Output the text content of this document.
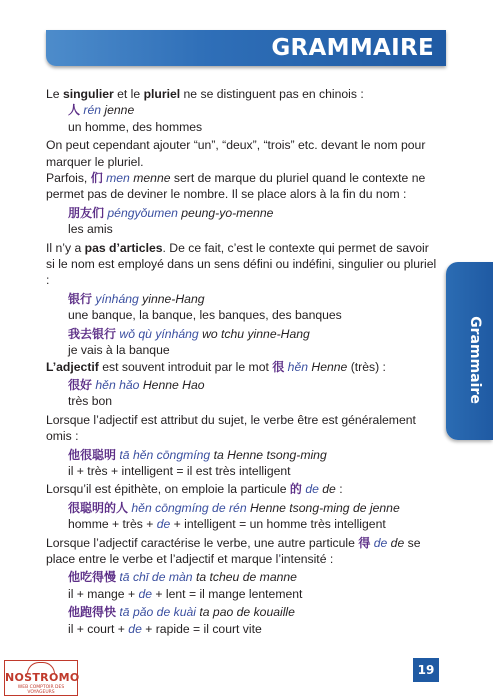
GRAMMAIRE
Grammaire

Le singulier et le pluriel ne se distinguent pas en chinois :

人 rén jenne
un homme, des hommes

On peut cependant ajouter “un”, “deux”, “trois” etc. devant le nom pour marquer le pluriel.

Parfois, 们 men menne sert de marque du pluriel quand le contexte ne permet pas de deviner le nombre. Il se place alors à la fin du nom :

朋友们 péngyǒumen peung-yo-menne
les amis

Il n’y a pas d’articles. De ce fait, c’est le contexte qui permet de savoir si le nom est employé dans un sens défini ou indéfini, singulier ou pluriel :

银行 yínháng yinne-Hang
une banque, la banque, les banques, des banques
我去银行 wǒ qù yínháng wo tchu yinne-Hang
je vais à la banque

L’adjectif est souvent introduit par le mot 很 hěn Henne (très) :

很好 hěn hǎo Henne Hao
très bon

Lorsque l’adjectif est attribut du sujet, le verbe être est généralement omis :

他很聪明 tā hěn cōngmíng ta Henne tsong-ming
il + très + intelligent = il est très intelligent

Lorsqu’il est épithète, on emploie la particule 的 de de :

很聪明的人 hěn cōngmíng de rén Henne tsong-ming de jenne
homme + très + de + intelligent = un homme très intelligent

Lorsque l’adjectif caractérise le verbe, une autre particule 得 de de se place entre le verbe et l’adjectif et marque l’intensité :

他吃得慢 tā chī de màn ta tcheu de manne
il + mange + de + lent = il mange lentement
他跑得快 tā pǎo de kuài ta pao de kouaille
il + court + de + rapide = il court vite
19
NOSTROMO
WEB COMPTOIR DES VOYAGEURS
